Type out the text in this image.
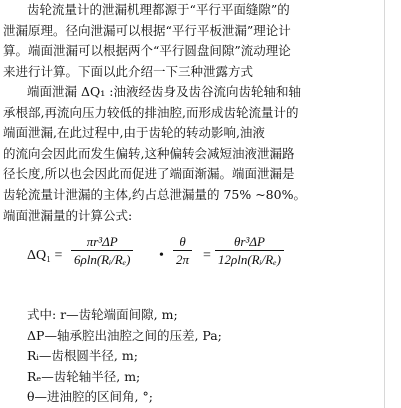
齿轮流量计的泄漏机理都源于“平行平面缝隙”的
泄漏原理。径向泄漏可以根据“平行平板泄漏”理论计
算。端面泄漏可以根据两个“平行圆盘间隙”流动理论
来进行计算。下面以此介绍一下三种泄露方式
端面泄漏 ΔQ₁ :油液经齿身及齿谷流向齿轮轴和轴
承根部,再流向压力较低的排油腔,而形成齿轮流量计的
端面泄漏,在此过程中,由于齿轮的转动影响,油液
的流向会因此而发生偏转,这种偏转会减短油液泄漏路
径长度,所以也会因此而促进了端面渐漏。端面泄漏是
齿轮流量计泄漏的主体,约占总泄漏量的 75% ~80%。
端面泄漏量的计算公式:
$\Delta Q_1 = \frac{\text{πr³ΔP}}{\text{6ρln(Rᵢ/Rₑ)}}$ • $\frac{\theta}{2\pi} = \frac{\text{θr³ΔP}}{\text{12ρln(Rᵢ/Rₑ)}}$
式中: r—齿轮端面间隙, m;
ΔP—轴承腔出油腔之间的压差, Pa;
Rᵢ—齿根圆半径, m;
Rₑ—齿轮轴半径, m;
θ—进油腔的区间角, °;
